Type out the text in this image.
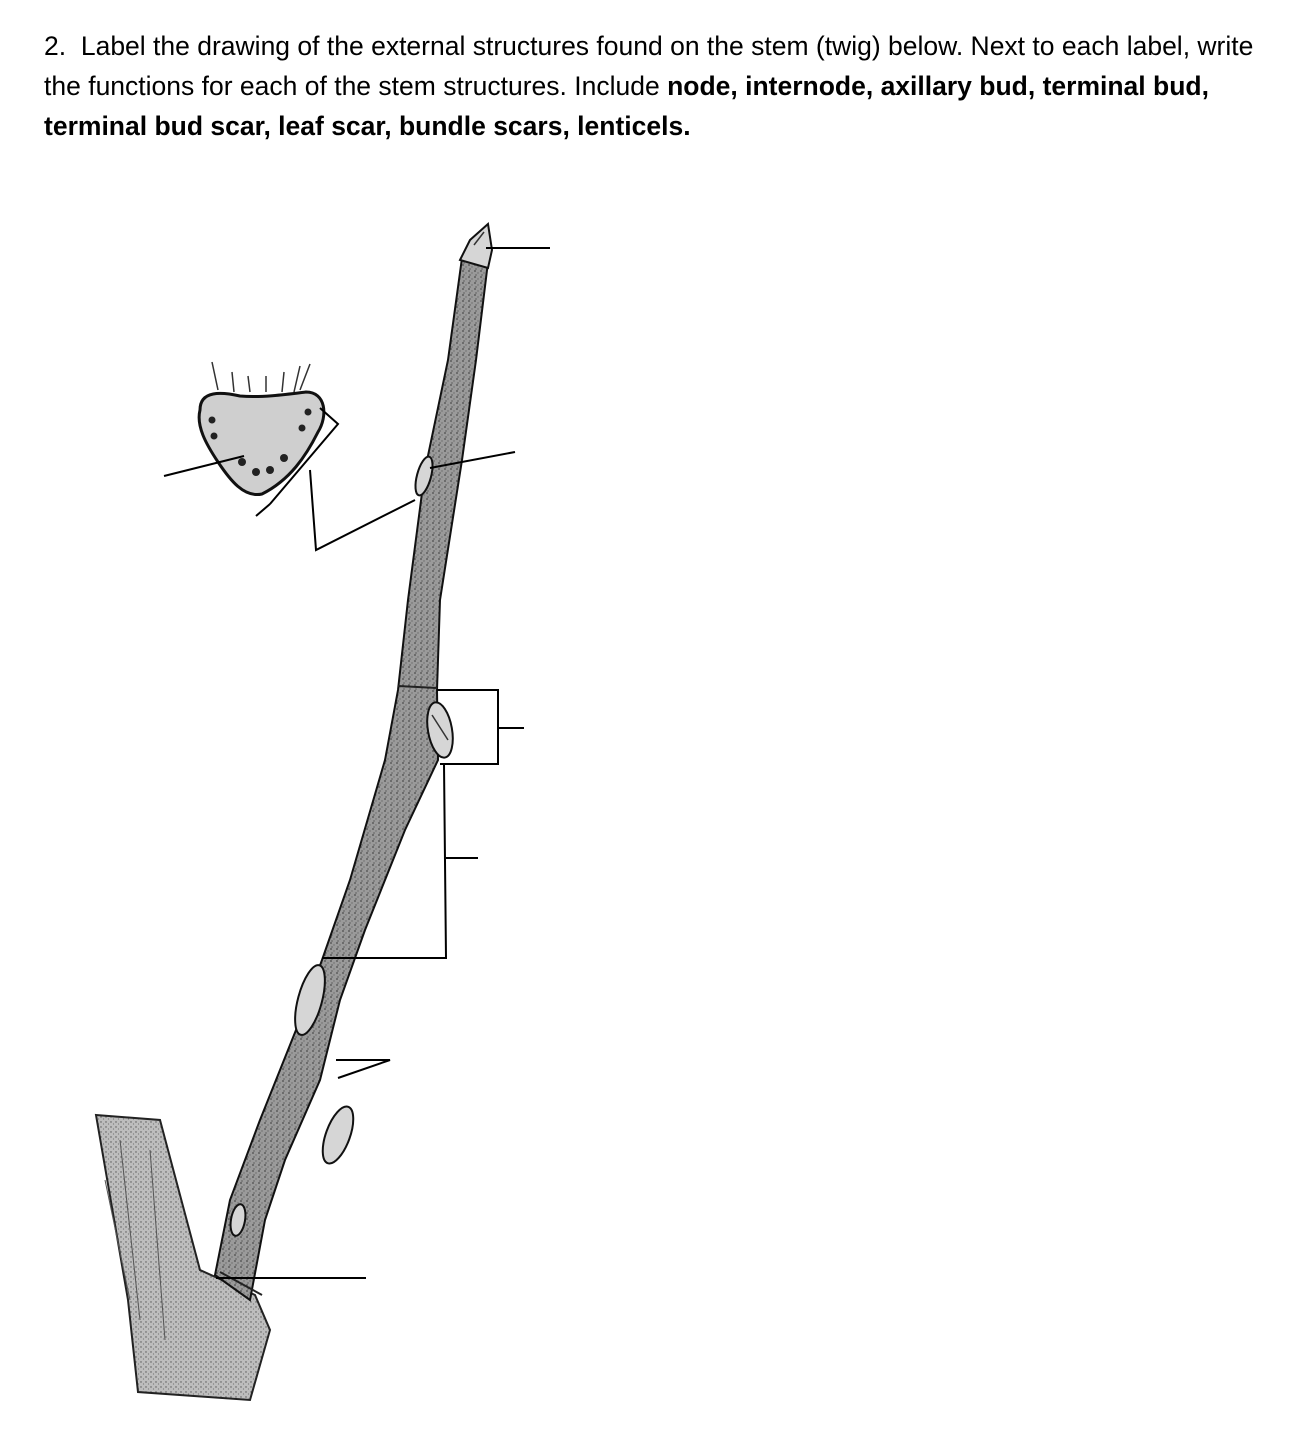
2. Label the drawing of the external structures found on the stem (twig) below. Next to each label, write the functions for each of the stem structures. Include node, internode, axillary bud, terminal bud, terminal bud scar, leaf scar, bundle scars, lenticels.
